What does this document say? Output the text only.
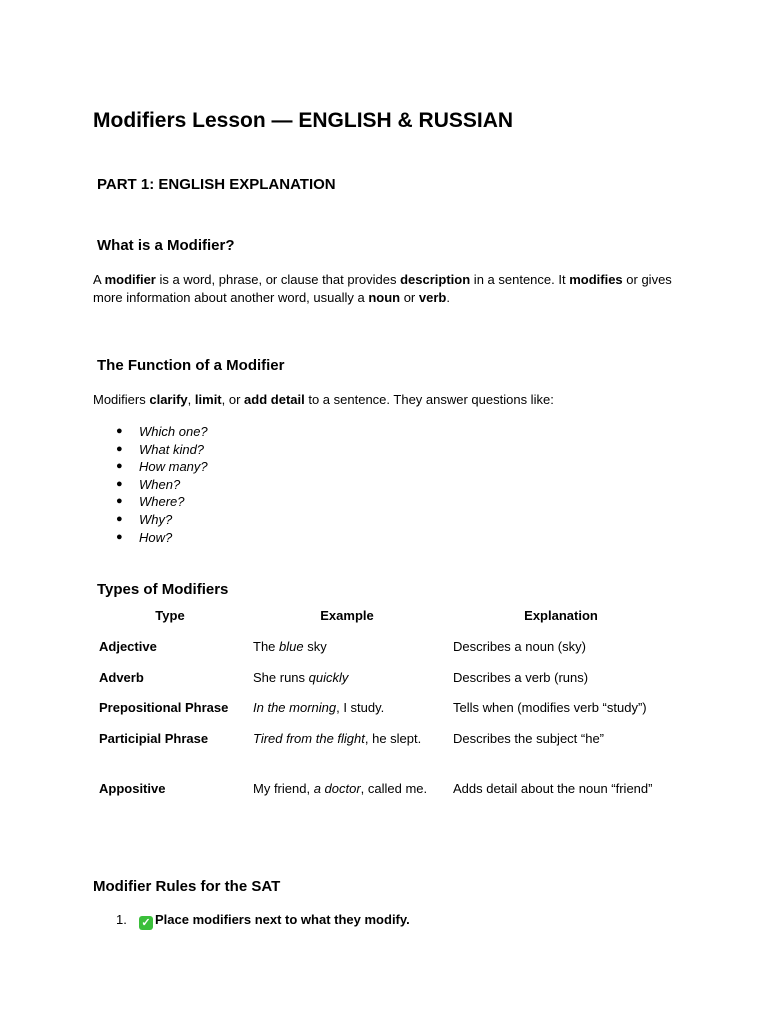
Modifiers Lesson — ENGLISH & RUSSIAN
PART 1: ENGLISH EXPLANATION
What is a Modifier?

A modifier is a word, phrase, or clause that provides description in a sentence. It modifies or gives more information about another word, usually a noun or verb.

The Function of a Modifier

Modifiers clarify, limit, or add detail to a sentence. They answer questions like:

● Which one?
● What kind?
● How many?
● When?
● Where?
● Why?
● How?
Types of Modifiers
Type	Example	Explanation
Adjective	The blue sky	Describes a noun (sky)
Adverb	She runs quickly	Describes a verb (runs)
Prepositional Phrase	In the morning, I study.	Tells when (modifies verb “study”)
Participial Phrase	Tired from the flight, he slept.	Describes the subject “he”
Appositive	My friend, a doctor, called me.	Adds detail about the noun “friend”
Modifier Rules for the SAT
1. ✓ Place modifiers next to what they modify.
